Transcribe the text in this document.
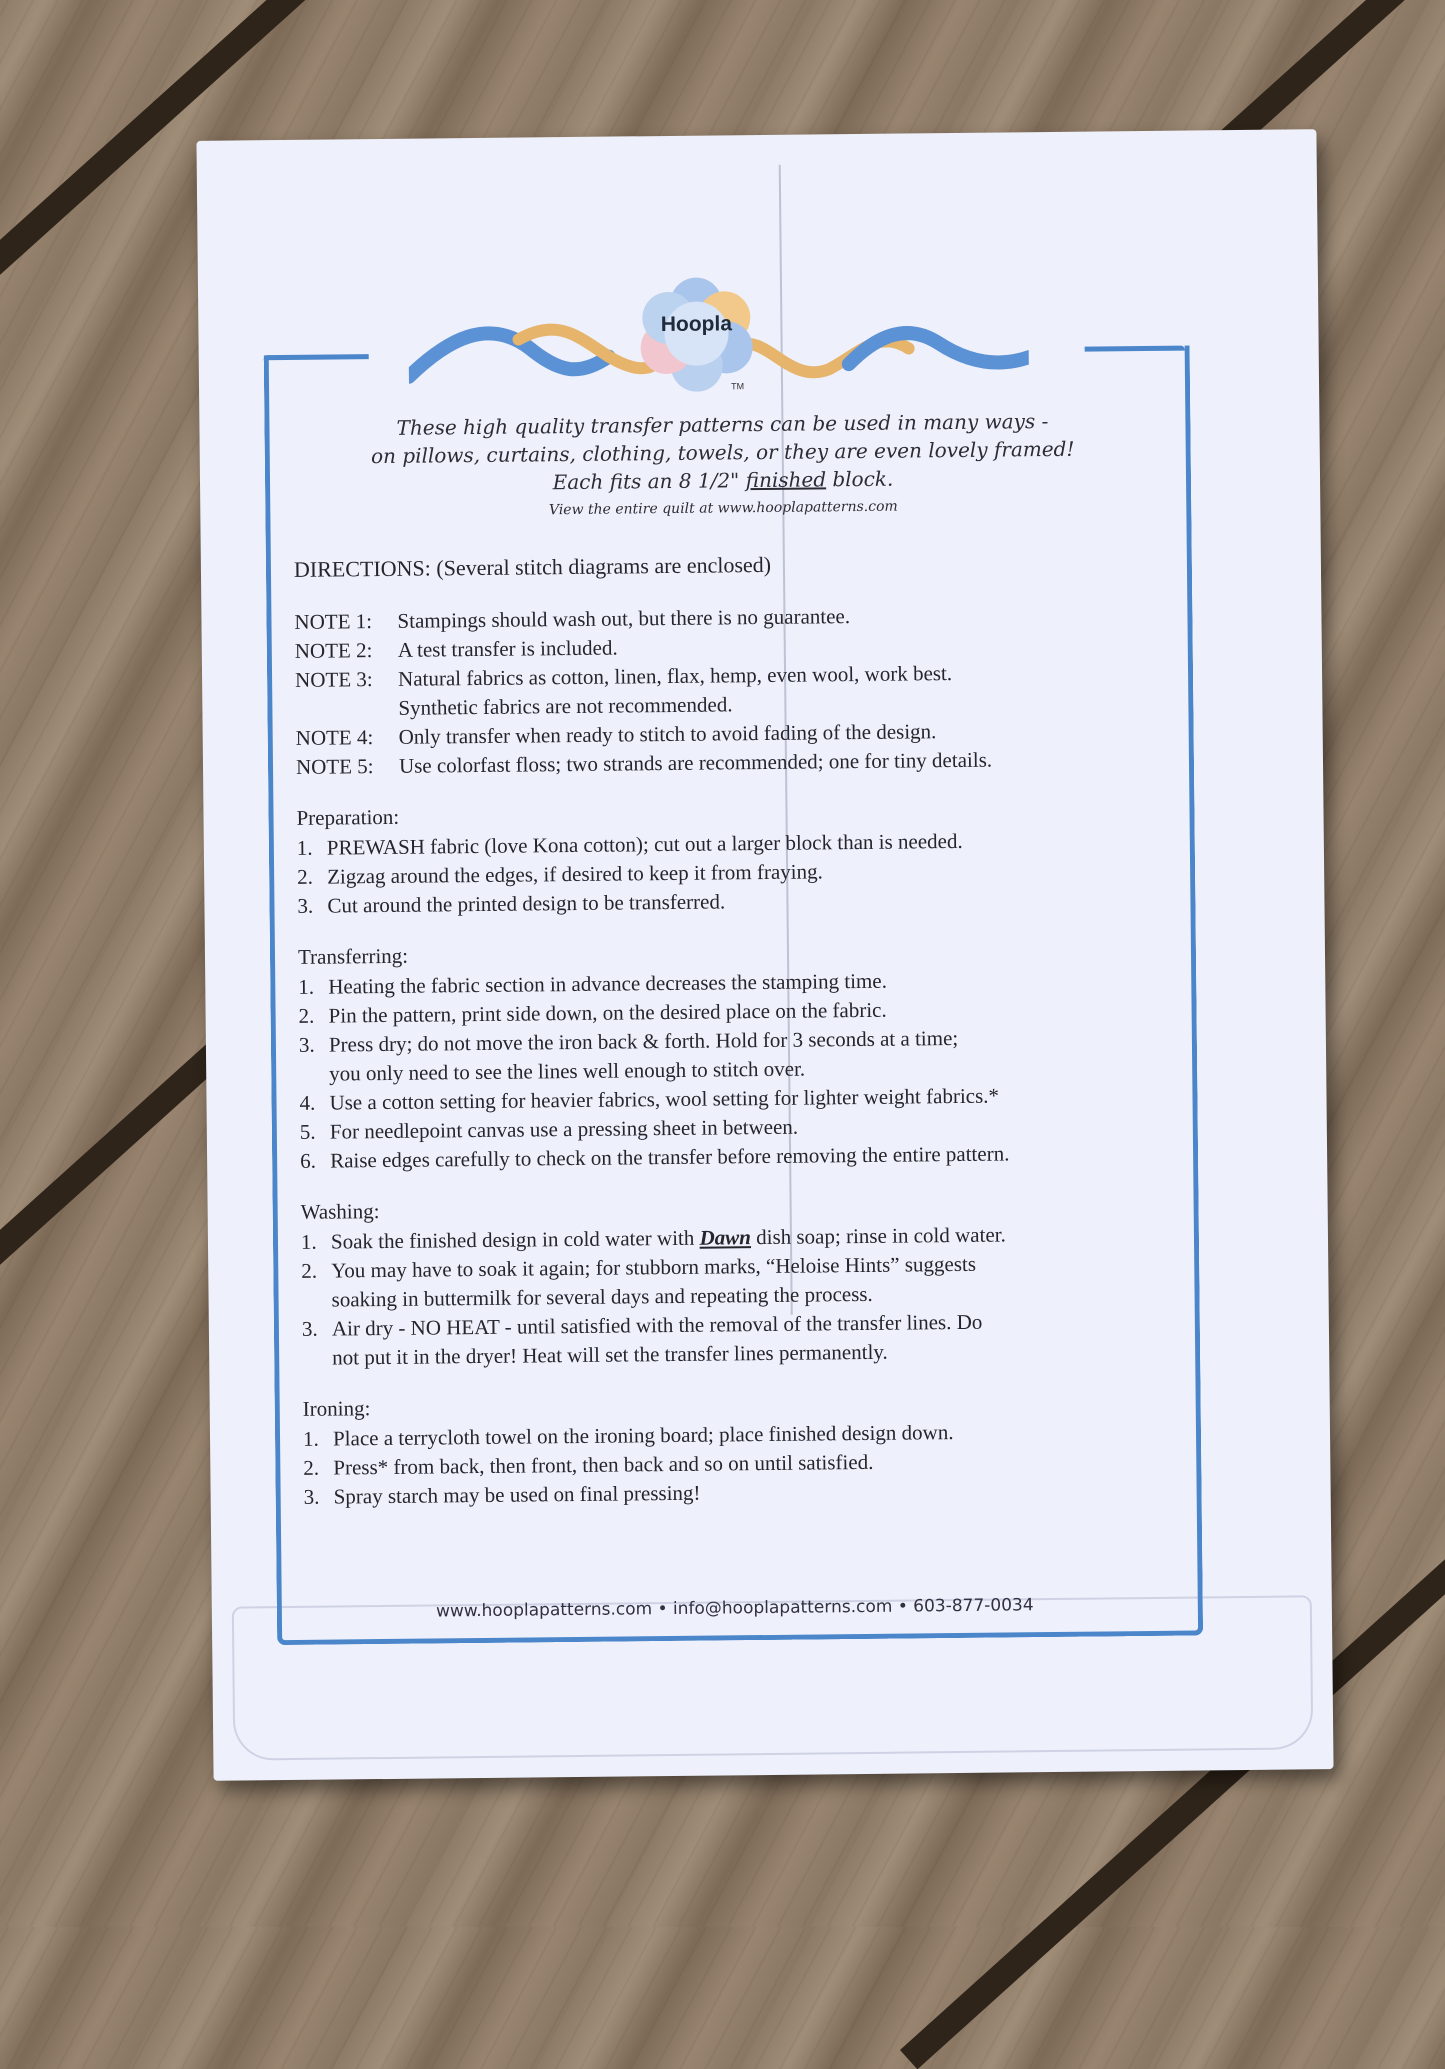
TM
Hoopla
These high quality transfer patterns can be used in many ways -
on pillows, curtains, clothing, towels, or they are even lovely framed!
Each fits an 8 1/2" finished block.
View the entire quilt at www.hooplapatterns.com
DIRECTIONS: (Several stitch diagrams are enclosed)
NOTE 1:	Stampings should wash out, but there is no guarantee.
NOTE 2:	A test transfer is included.
NOTE 3:	Natural fabrics as cotton, linen, flax, hemp, even wool, work best.
Synthetic fabrics are not recommended.
NOTE 4:	Only transfer when ready to stitch to avoid fading of the design.
NOTE 5:	Use colorfast floss; two strands are recommended; one for tiny details.
Preparation:
1. PREWASH fabric (love Kona cotton); cut out a larger block than is needed.
2. Zigzag around the edges, if desired to keep it from fraying.
3. Cut around the printed design to be transferred.
Transferring:
1. Heating the fabric section in advance decreases the stamping time.
2. Pin the pattern, print side down, on the desired place on the fabric.
3. Press dry; do not move the iron back & forth. Hold for 3 seconds at a time;
you only need to see the lines well enough to stitch over.
4. Use a cotton setting for heavier fabrics, wool setting for lighter weight fabrics.*
5. For needlepoint canvas use a pressing sheet in between.
6. Raise edges carefully to check on the transfer before removing the entire pattern.
Washing:
1. Soak the finished design in cold water with Dawn dish soap; rinse in cold water.
2. You may have to soak it again; for stubborn marks, “Heloise Hints” suggests
soaking in buttermilk for several days and repeating the process.
3. Air dry - NO HEAT - until satisfied with the removal of the transfer lines. Do
not put it in the dryer! Heat will set the transfer lines permanently.
Ironing:
1. Place a terrycloth towel on the ironing board; place finished design down.
2. Press* from back, then front, then back and so on until satisfied.
3. Spray starch may be used on final pressing!
www.hooplapatterns.com • info@hooplapatterns.com • 603-877-0034
